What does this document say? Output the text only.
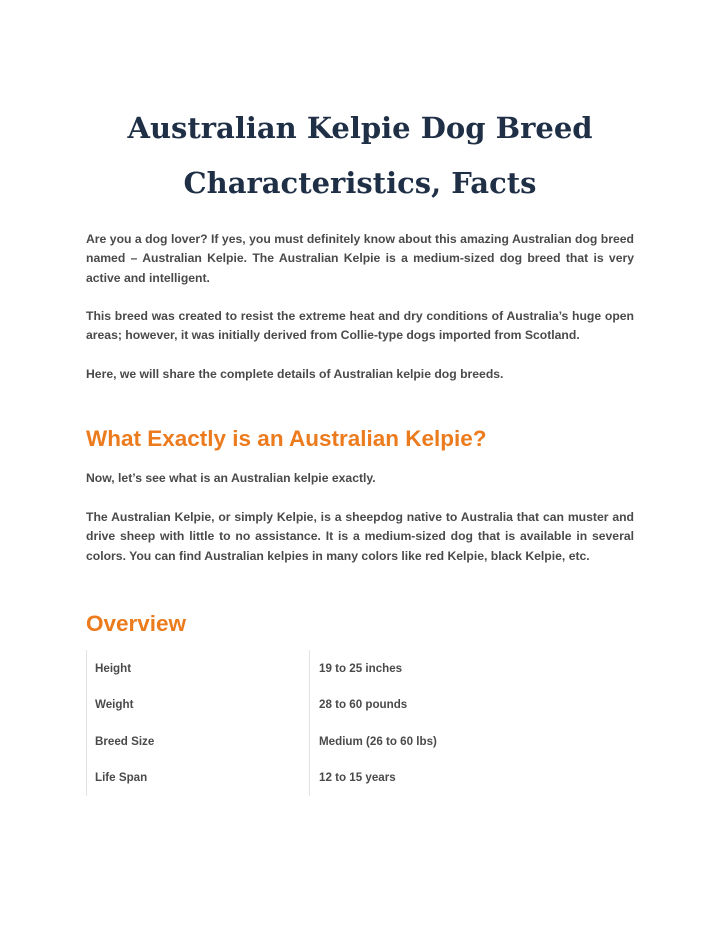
Australian Kelpie Dog Breed
Characteristics, Facts

Are you a dog lover? If yes, you must definitely know about this amazing Australian dog breed named – Australian Kelpie. The Australian Kelpie is a medium-sized dog breed that is very active and intelligent.

This breed was created to resist the extreme heat and dry conditions of Australia’s huge open areas; however, it was initially derived from Collie-type dogs imported from Scotland.

Here, we will share the complete details of Australian kelpie dog breeds.

What Exactly is an Australian Kelpie?

Now, let’s see what is an Australian kelpie exactly.

The Australian Kelpie, or simply Kelpie, is a sheepdog native to Australia that can muster and drive sheep with little to no assistance. It is a medium-sized dog that is available in several colors. You can find Australian kelpies in many colors like red Kelpie, black Kelpie, etc.

Overview
Height	19 to 25 inches
Weight	28 to 60 pounds
Breed Size	Medium (26 to 60 lbs)
Life Span	12 to 15 years
